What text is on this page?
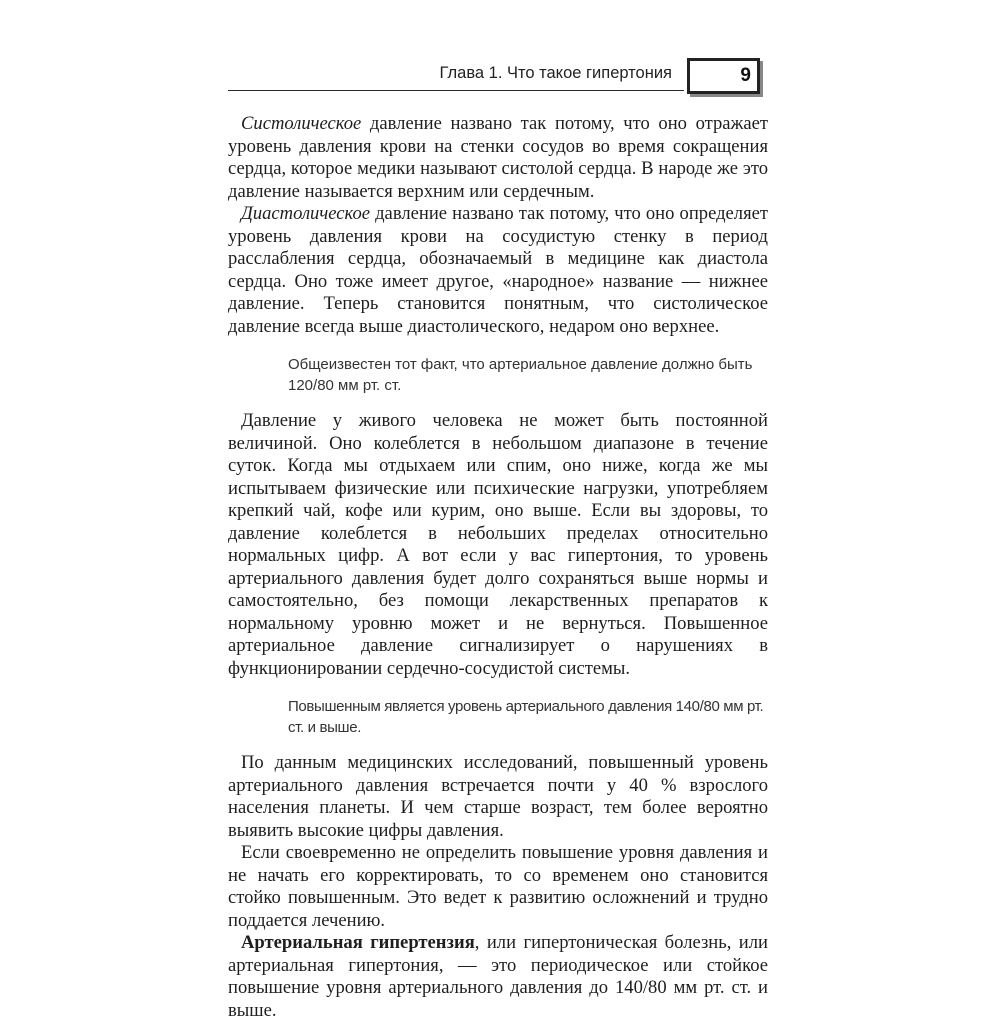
Глава 1. Что такое гипертония	9

Систолическое давление названо так потому, что оно отражает уровень давления крови на стенки сосудов во время сокращения сердца, которое медики называют систолой сердца. В народе же это давление называется верхним или сердечным.

Диастолическое давление названо так потому, что оно определяет уровень давления крови на сосудистую стенку в период расслабления сердца, обозначаемый в медицине как диастола сердца. Оно тоже имеет другое, «народное» название — нижнее давление. Теперь становится понятным, что систолическое давление всегда выше диастолического, недаром оно верхнее.

Общеизвестен тот факт, что артериальное давление должно быть 120/80 мм рт. ст.

Давление у живого человека не может быть постоянной величиной. Оно колеблется в небольшом диапазоне в течение суток. Когда мы отдыхаем или спим, оно ниже, когда же мы испытываем физические или психические нагрузки, употребляем крепкий чай, кофе или курим, оно выше. Если вы здоровы, то давление колеблется в небольших пределах относительно нормальных цифр. А вот если у вас гипертония, то уровень артериального давления будет долго сохраняться выше нормы и самостоятельно, без помощи лекарственных препаратов к нормальному уровню может и не вернуться. Повышенное артериальное давление сигнализирует о нарушениях в функционировании сердечно-сосудистой системы.

Повышенным является уровень артериального давления 140/80 мм рт. ст. и выше.

По данным медицинских исследований, повышенный уровень артериального давления встречается почти у 40 % взрослого населения планеты. И чем старше возраст, тем более вероятно выявить высокие цифры давления.

Если своевременно не определить повышение уровня давления и не начать его корректировать, то со временем оно становится стойко повышенным. Это ведет к развитию осложнений и трудно поддается лечению.

Артериальная гипертензия, или гипертоническая болезнь, или артериальная гипертония, — это периодическое или стойкое повышение уровня артериального давления до 140/80 мм рт. ст. и выше.
